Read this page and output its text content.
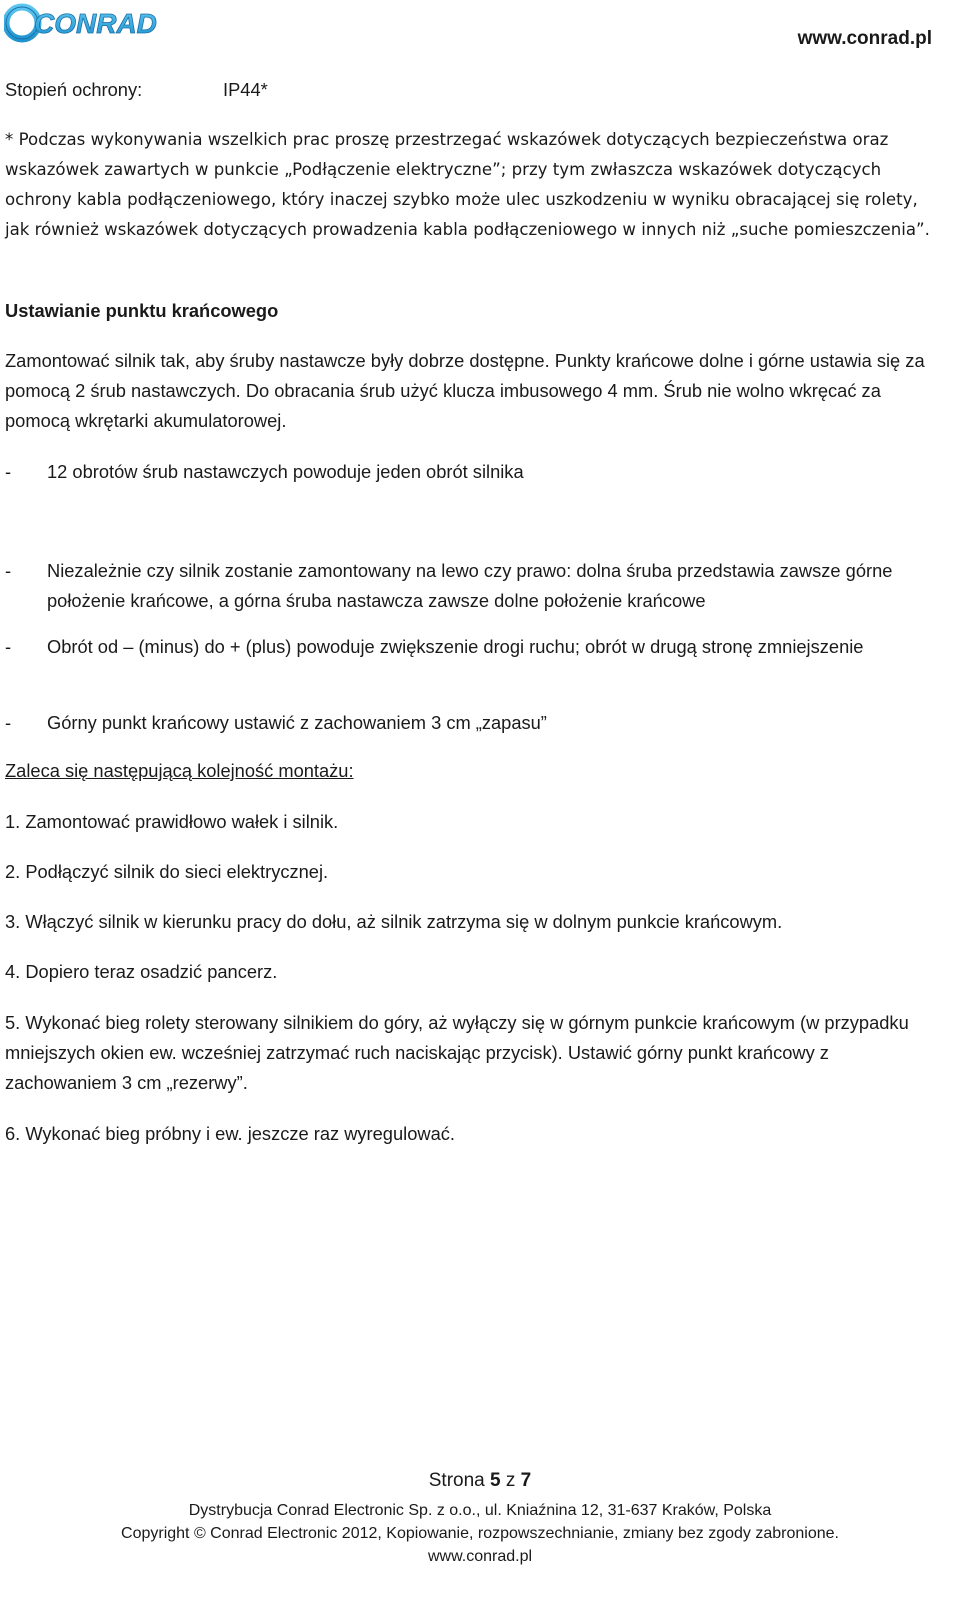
CONRAD	www.conrad.pl
Stopień ochrony:	IP44*
* Podczas wykonywania wszelkich prac proszę przestrzegać wskazówek dotyczących bezpieczeństwa oraz wskazówek zawartych w punkcie „Podłączenie elektryczne”; przy tym zwłaszcza wskazówek dotyczących ochrony kabla podłączeniowego, który inaczej szybko może ulec uszkodzeniu w wyniku obracającej się rolety, jak również wskazówek dotyczących prowadzenia kabla podłączeniowego w innych niż „suche pomieszczenia”.
Ustawianie punktu krańcowego
Zamontować silnik tak, aby śruby nastawcze były dobrze dostępne. Punkty krańcowe dolne i górne ustawia się za pomocą 2 śrub nastawczych. Do obracania śrub użyć klucza imbusowego 4 mm. Śrub nie wolno wkręcać za pomocą wkrętarki akumulatorowej.
-	12 obrotów śrub nastawczych powoduje jeden obrót silnika
-	Niezależnie czy silnik zostanie zamontowany na lewo czy prawo: dolna śruba przedstawia zawsze górne położenie krańcowe, a górna śruba nastawcza zawsze dolne położenie krańcowe
-	Obrót od – (minus) do + (plus) powoduje zwiększenie drogi ruchu; obrót w drugą stronę zmniejszenie
-	Górny punkt krańcowy ustawić z zachowaniem 3 cm „zapasu”
Zaleca się następującą kolejność montażu:
1. Zamontować prawidłowo wałek i silnik.
2. Podłączyć silnik do sieci elektrycznej.
3. Włączyć silnik w kierunku pracy do dołu, aż silnik zatrzyma się w dolnym punkcie krańcowym.
4. Dopiero teraz osadzić pancerz.
5. Wykonać bieg rolety sterowany silnikiem do góry, aż wyłączy się w górnym punkcie krańcowym (w przypadku mniejszych okien ew. wcześniej zatrzymać ruch naciskając przycisk). Ustawić górny punkt krańcowy z zachowaniem 3 cm „rezerwy”.
6. Wykonać bieg próbny i ew. jeszcze raz wyregulować.
Strona 5 z 7
Dystrybucja Conrad Electronic Sp. z o.o., ul. Kniaźnina 12, 31-637 Kraków, Polska
Copyright © Conrad Electronic 2012, Kopiowanie, rozpowszechnianie, zmiany bez zgody zabronione.
www.conrad.pl
